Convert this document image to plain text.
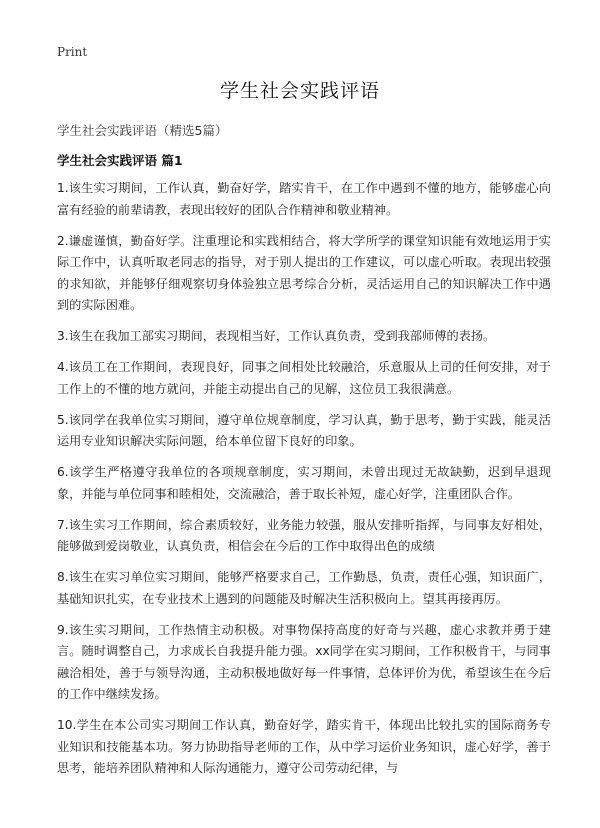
Print
学生社会实践评语
学生社会实践评语（精选5篇）
学生社会实践评语 篇1

1.该生实习期间，工作认真，勤奋好学，踏实肯干，在工作中遇到不懂的地方，能够虚心向富有经验的前辈请教，表现出较好的团队合作精神和敬业精神。

2.谦虚谨慎，勤奋好学。注重理论和实践相结合，将大学所学的课堂知识能有效地运用于实际工作中，认真听取老同志的指导，对于别人提出的工作建议，可以虚心听取。表现出较强的求知欲，并能够仔细观察切身体验独立思考综合分析，灵活运用自己的知识解决工作中遇到的实际困难。

3.该生在我加工部实习期间，表现相当好，工作认真负责，受到我部师傅的表扬。

4.该员工在工作期间，表现良好，同事之间相处比较融洽，乐意服从上司的任何安排，对于工作上的不懂的地方就问，并能主动提出自己的见解，这位员工我很满意。

5.该同学在我单位实习期间，遵守单位规章制度，学习认真，勤于思考，勤于实践，能灵活运用专业知识解决实际问题，给本单位留下良好的印象。

6.该学生严格遵守我单位的各项规章制度，实习期间，未曾出现过无故缺勤，迟到早退现象，并能与单位同事和睦相处，交流融洽，善于取长补短，虚心好学，注重团队合作。

7.该生实习工作期间，综合素质较好，业务能力较强，服从安排听指挥，与同事友好相处，能够做到爱岗敬业，认真负责，相信会在今后的工作中取得出色的成绩

8.该生在实习单位实习期间，能够严格要求自己，工作勤恳，负责，责任心强，知识面广，基础知识扎实，在专业技术上遇到的问题能及时解决生活积极向上。望其再接再厉。

9.该生实习期间，工作热情主动积极。对事物保持高度的好奇与兴趣，虚心求教并勇于建言。随时调整自己，力求成长自我提升能力强。xx同学在实习期间，工作积极肯干，与同事融洽相处，善于与领导沟通，主动积极地做好每一件事情，总体评价为优，希望该生在今后的工作中继续发扬。

10.学生在本公司实习期间工作认真，勤奋好学，踏实肯干，体现出比较扎实的国际商务专业知识和技能基本功。努力协助指导老师的工作，从中学习运价业务知识，虚心好学，善于思考，能培养团队精神和人际沟通能力，遵守公司劳动纪律，与
